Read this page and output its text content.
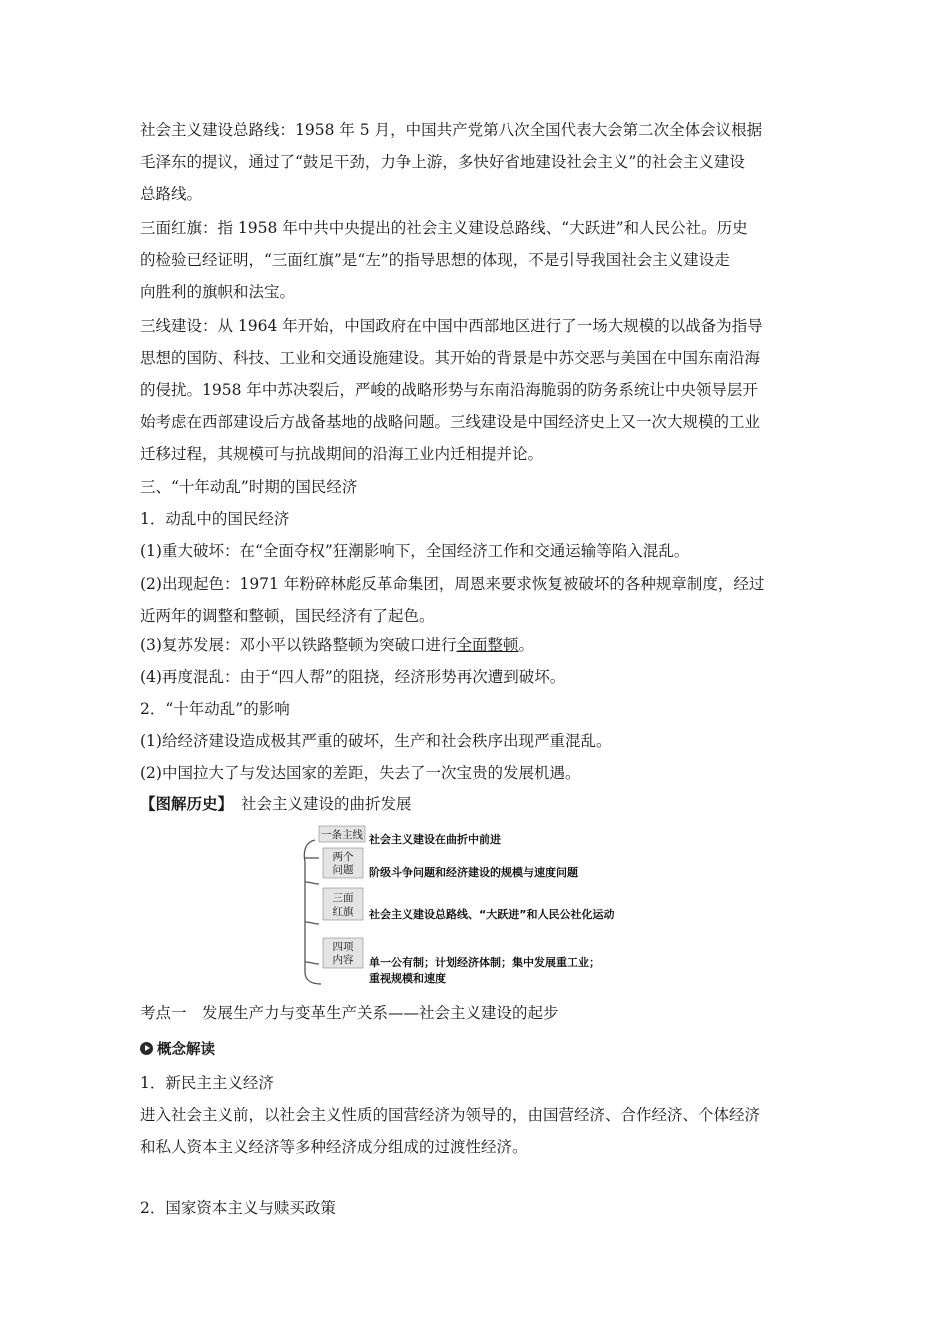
社会主义建设总路线：1958 年 5 月，中国共产党第八次全国代表大会第二次全体会议根据
毛泽东的提议，通过了“鼓足干劲，力争上游，多快好省地建设社会主义”的社会主义建设
总路线。
三面红旗：指 1958 年中共中央提出的社会主义建设总路线、“大跃进”和人民公社。历史
的检验已经证明，“三面红旗”是“左”的指导思想的体现，不是引导我国社会主义建设走
向胜利的旗帜和法宝。
三线建设：从 1964 年开始，中国政府在中国中西部地区进行了一场大规模的以战备为指导
思想的国防、科技、工业和交通设施建设。其开始的背景是中苏交恶与美国在中国东南沿海
的侵扰。1958 年中苏决裂后，严峻的战略形势与东南沿海脆弱的防务系统让中央领导层开
始考虑在西部建设后方战备基地的战略问题。三线建设是中国经济史上又一次大规模的工业
迁移过程，其规模可与抗战期间的沿海工业内迁相提并论。
三、“十年动乱”时期的国民经济
1．动乱中的国民经济
(1)重大破坏：在“全面夺权”狂潮影响下，全国经济工作和交通运输等陷入混乱。
(2)出现起色：1971 年粉碎林彪反革命集团，周恩来要求恢复被破坏的各种规章制度，经过
近两年的调整和整顿，国民经济有了起色。
(3)复苏发展：邓小平以铁路整顿为突破口进行全面整顿。
(4)再度混乱：由于“四人帮”的阻挠，经济形势再次遭到破坏。
2．“十年动乱”的影响
(1)给经济建设造成极其严重的破坏，生产和社会秩序出现严重混乱。
(2)中国拉大了与发达国家的差距，失去了一次宝贵的发展机遇。
【图解历史】 社会主义建设的曲折发展
一条主线
两个
问题
三面
红旗
四项
内容
社会主义建设在曲折中前进
阶级斗争问题和经济建设的规模与速度问题
社会主义建设总路线、“大跃进”和人民公社化运动
单一公有制；计划经济体制；集中发展重工业；
重视规模和速度
考点一　发展生产力与变革生产关系——社会主义建设的起步
概念解读
1．新民主主义经济
进入社会主义前，以社会主义性质的国营经济为领导的，由国营经济、合作经济、个体经济
和私人资本主义经济等多种经济成分组成的过渡性经济。
2．国家资本主义与赎买政策
